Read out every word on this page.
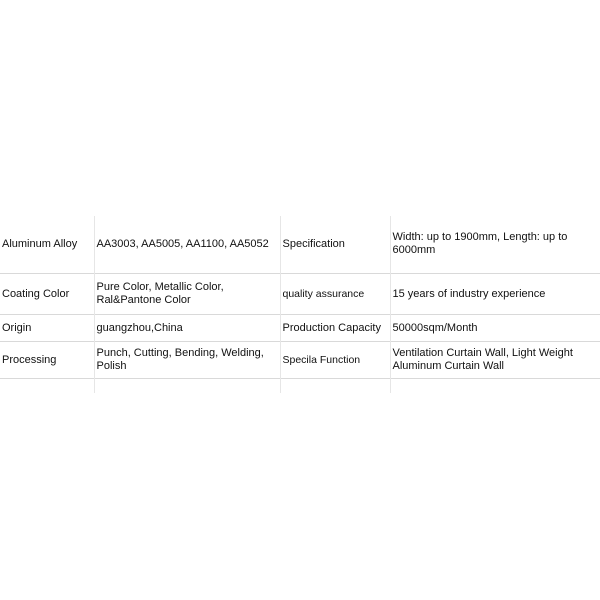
Aluminum Alloy	AA3003, AA5005, AA1100, AA5052	Specification	Width: up to 1900mm, Length: up to 6000mm
Coating Color	Pure Color, Metallic Color, Ral&Pantone Color	quality assurance	15 years of industry experience
Origin	guangzhou,China	Production Capacity	50000sqm/Month
Processing	Punch, Cutting, Bending, Welding, Polish	Specila Function	Ventilation Curtain Wall, Light Weight Aluminum Curtain Wall
